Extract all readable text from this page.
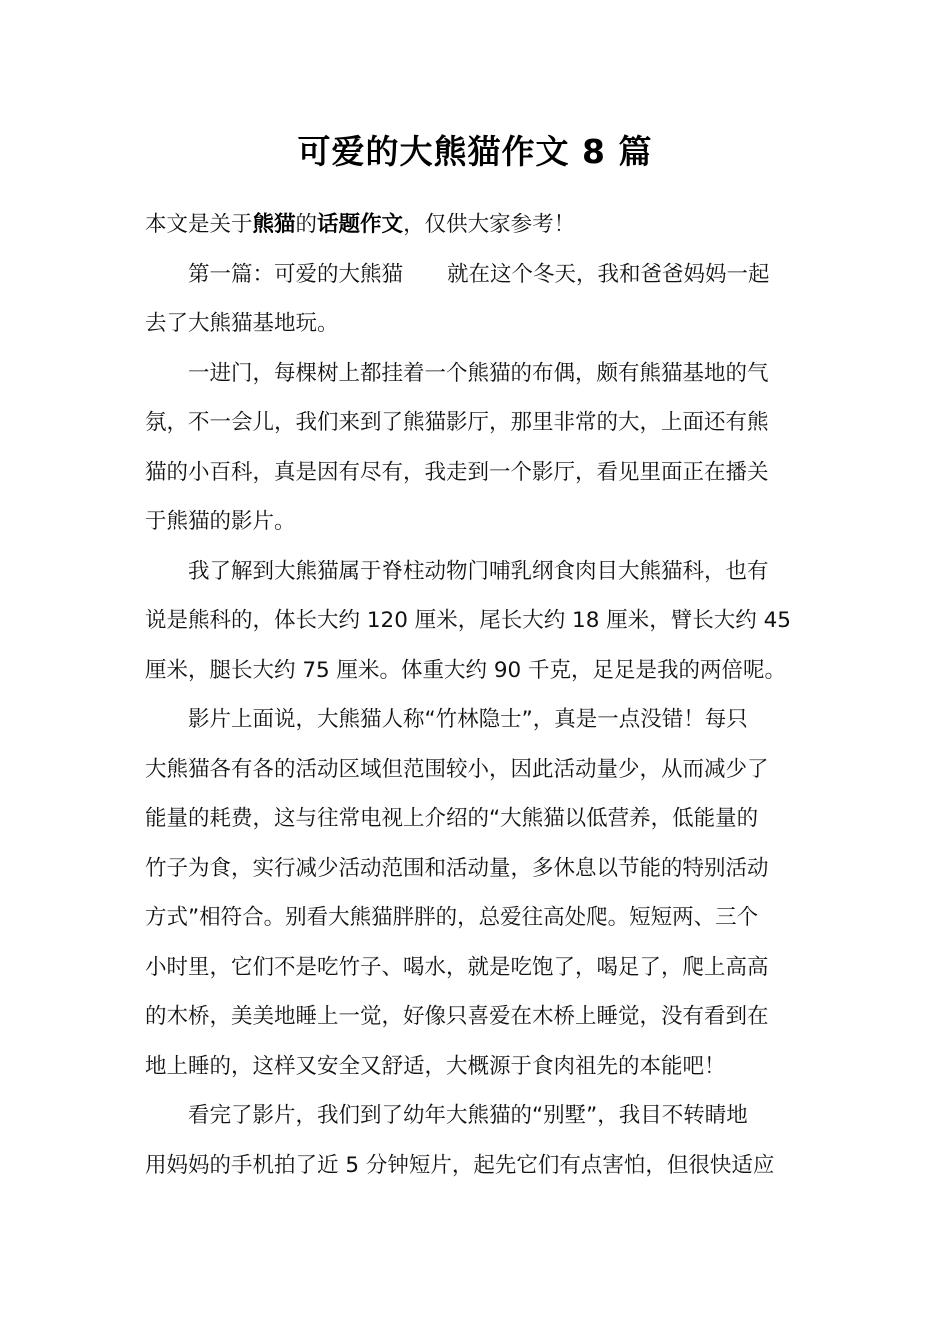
可爱的大熊猫作文 8 篇
本文是关于熊猫的话题作文，仅供大家参考！
第一篇：可爱的大熊猫 就在这个冬天，我和爸爸妈妈一起
去了大熊猫基地玩。
一进门，每棵树上都挂着一个熊猫的布偶，颇有熊猫基地的气
氛，不一会儿，我们来到了熊猫影厅，那里非常的大，上面还有熊
猫的小百科，真是因有尽有，我走到一个影厅，看见里面正在播关
于熊猫的影片。
我了解到大熊猫属于脊柱动物门哺乳纲食肉目大熊猫科，也有
说是熊科的，体长大约 120 厘米，尾长大约 18 厘米，臂长大约 45
厘米，腿长大约 75 厘米。体重大约 90 千克，足足是我的两倍呢。
影片上面说，大熊猫人称“竹林隐士”，真是一点没错！每只
大熊猫各有各的活动区域但范围较小，因此活动量少，从而减少了
能量的耗费，这与往常电视上介绍的“大熊猫以低营养，低能量的
竹子为食，实行减少活动范围和活动量，多休息以节能的特别活动
方式”相符合。别看大熊猫胖胖的，总爱往高处爬。短短两、三个
小时里，它们不是吃竹子、喝水，就是吃饱了，喝足了，爬上高高
的木桥，美美地睡上一觉，好像只喜爱在木桥上睡觉，没有看到在
地上睡的，这样又安全又舒适，大概源于食肉祖先的本能吧！
看完了影片，我们到了幼年大熊猫的“别墅”，我目不转睛地
用妈妈的手机拍了近 5 分钟短片，起先它们有点害怕，但很快适应
